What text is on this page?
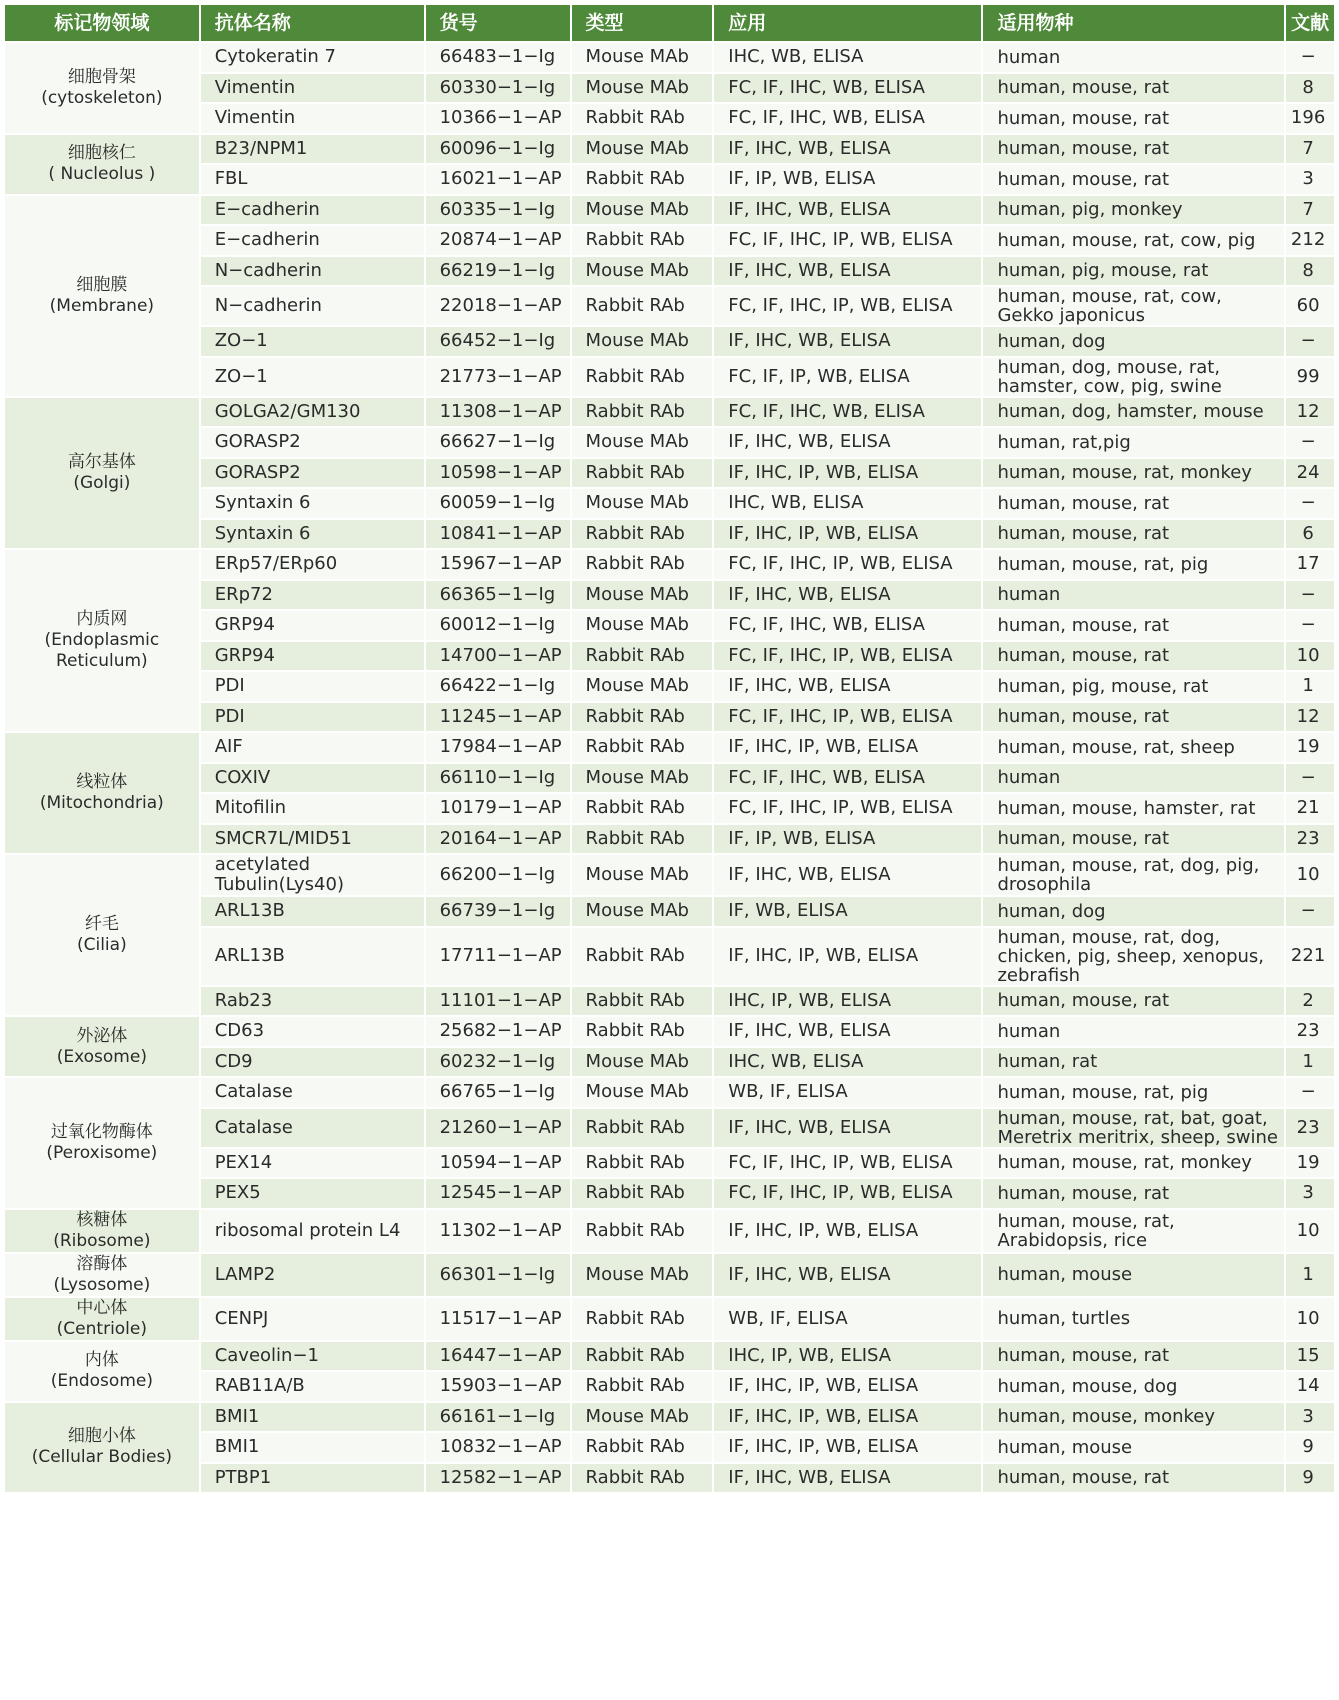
标记物领域	抗体名称	货号	类型	应用	适用物种	文献

细胞骨架
(cytoskeleton)	Cytokeratin 7	66483−1−Ig	Mouse MAb	IHC, WB, ELISA	human	−
	Vimentin	60330−1−Ig	Mouse MAb	FC, IF, IHC, WB, ELISA	human, mouse, rat	8
	Vimentin	10366−1−AP	Rabbit RAb	FC, IF, IHC, WB, ELISA	human, mouse, rat	196

细胞核仁
( Nucleolus )	B23/NPM1	60096−1−Ig	Mouse MAb	IF, IHC, WB, ELISA	human, mouse, rat	7
	FBL	16021−1−AP	Rabbit RAb	IF, IP, WB, ELISA	human, mouse, rat	3

细胞膜
(Membrane)	E−cadherin	60335−1−Ig	Mouse MAb	IF, IHC, WB, ELISA	human, pig, monkey	7
	E−cadherin	20874−1−AP	Rabbit RAb	FC, IF, IHC, IP, WB, ELISA	human, mouse, rat, cow, pig	212
	N−cadherin	66219−1−Ig	Mouse MAb	IF, IHC, WB, ELISA	human, pig, mouse, rat	8
	N−cadherin	22018−1−AP	Rabbit RAb	FC, IF, IHC, IP, WB, ELISA	human, mouse, rat, cow, Gekko japonicus	60
	ZO−1	66452−1−Ig	Mouse MAb	IF, IHC, WB, ELISA	human, dog	−
	ZO−1	21773−1−AP	Rabbit RAb	FC, IF, IP, WB, ELISA	human, dog, mouse, rat, hamster, cow, pig, swine	99

高尔基体
(Golgi)	GOLGA2/GM130	11308−1−AP	Rabbit RAb	FC, IF, IHC, WB, ELISA	human, dog, hamster, mouse	12
	GORASP2	66627−1−Ig	Mouse MAb	IF, IHC, WB, ELISA	human, rat,pig	−
	GORASP2	10598−1−AP	Rabbit RAb	IF, IHC, IP, WB, ELISA	human, mouse, rat, monkey	24
	Syntaxin 6	60059−1−Ig	Mouse MAb	IHC, WB, ELISA	human, mouse, rat	−
	Syntaxin 6	10841−1−AP	Rabbit RAb	IF, IHC, IP, WB, ELISA	human, mouse, rat	6

内质网
(Endoplasmic Reticulum)	ERp57/ERp60	15967−1−AP	Rabbit RAb	FC, IF, IHC, IP, WB, ELISA	human, mouse, rat, pig	17
	ERp72	66365−1−Ig	Mouse MAb	IF, IHC, WB, ELISA	human	−
	GRP94	60012−1−Ig	Mouse MAb	FC, IF, IHC, WB, ELISA	human, mouse, rat	−
	GRP94	14700−1−AP	Rabbit RAb	FC, IF, IHC, IP, WB, ELISA	human, mouse, rat	10
	PDI	66422−1−Ig	Mouse MAb	IF, IHC, WB, ELISA	human, pig, mouse, rat	1
	PDI	11245−1−AP	Rabbit RAb	FC, IF, IHC, IP, WB, ELISA	human, mouse, rat	12

线粒体
(Mitochondria)	AIF	17984−1−AP	Rabbit RAb	IF, IHC, IP, WB, ELISA	human, mouse, rat, sheep	19
	COXIV	66110−1−Ig	Mouse MAb	FC, IF, IHC, WB, ELISA	human	−
	Mitofilin	10179−1−AP	Rabbit RAb	FC, IF, IHC, IP, WB, ELISA	human, mouse, hamster, rat	21
	SMCR7L/MID51	20164−1−AP	Rabbit RAb	IF, IP, WB, ELISA	human, mouse, rat	23

纤毛
(Cilia)	acetylated Tubulin(Lys40)	66200−1−Ig	Mouse MAb	IF, IHC, WB, ELISA	human, mouse, rat, dog, pig, drosophila	10
	ARL13B	66739−1−Ig	Mouse MAb	IF, WB, ELISA	human, dog	−
	ARL13B	17711−1−AP	Rabbit RAb	IF, IHC, IP, WB, ELISA	human, mouse, rat, dog, chicken, pig, sheep, xenopus, zebrafish	221
	Rab23	11101−1−AP	Rabbit RAb	IHC, IP, WB, ELISA	human, mouse, rat	2

外泌体
(Exosome)	CD63	25682−1−AP	Rabbit RAb	IF, IHC, WB, ELISA	human	23
	CD9	60232−1−Ig	Mouse MAb	IHC, WB, ELISA	human, rat	1

过氧化物酶体
(Peroxisome)	Catalase	66765−1−Ig	Mouse MAb	WB, IF, ELISA	human, mouse, rat, pig	−
	Catalase	21260−1−AP	Rabbit RAb	IF, IHC, WB, ELISA	human, mouse, rat, bat, goat, Meretrix meritrix, sheep, swine	23
	PEX14	10594−1−AP	Rabbit RAb	FC, IF, IHC, IP, WB, ELISA	human, mouse, rat, monkey	19
	PEX5	12545−1−AP	Rabbit RAb	FC, IF, IHC, IP, WB, ELISA	human, mouse, rat	3

核糖体
(Ribosome)	ribosomal protein L4	11302−1−AP	Rabbit RAb	IF, IHC, IP, WB, ELISA	human, mouse, rat, Arabidopsis, rice	10

溶酶体
(Lysosome)	LAMP2	66301−1−Ig	Mouse MAb	IF, IHC, WB, ELISA	human, mouse	1

中心体
(Centriole)	CENPJ	11517−1−AP	Rabbit RAb	WB, IF, ELISA	human, turtles	10

内体
(Endosome)	Caveolin−1	16447−1−AP	Rabbit RAb	IHC, IP, WB, ELISA	human, mouse, rat	15
	RAB11A/B	15903−1−AP	Rabbit RAb	IF, IHC, IP, WB, ELISA	human, mouse, dog	14

细胞小体
(Cellular Bodies)	BMI1	66161−1−Ig	Mouse MAb	IF, IHC, IP, WB, ELISA	human, mouse, monkey	3
	BMI1	10832−1−AP	Rabbit RAb	IF, IHC, IP, WB, ELISA	human, mouse	9
	PTBP1	12582−1−AP	Rabbit RAb	IF, IHC, WB, ELISA	human, mouse, rat	9
